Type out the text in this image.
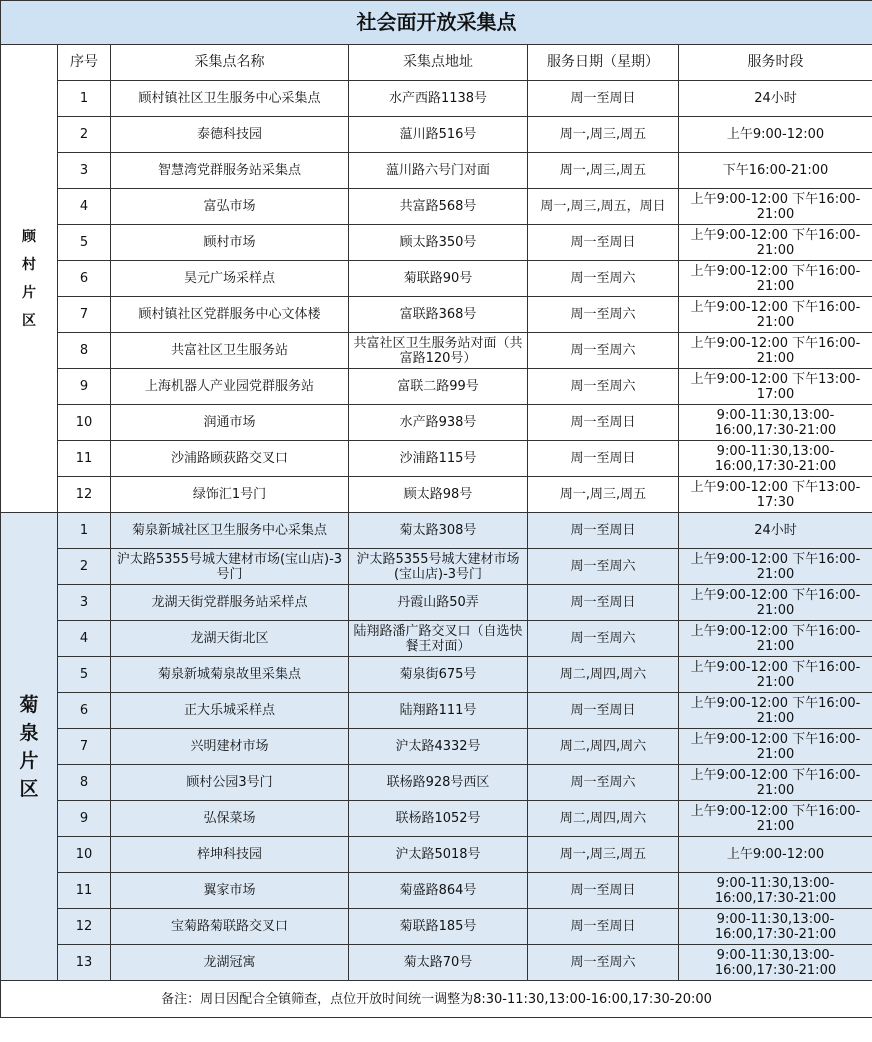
社会面开放采集点					

顾
村
片
区	序号	采集点名称	采集点地址	服务日期（星期）	服务时段
	1	顾村镇社区卫生服务中心采集点	水产西路1138号	周一至周日	24小时
	2	泰德科技园	蕰川路516号	周一,周三,周五	上午9:00-12:00
	3	智慧湾党群服务站采集点	蕰川路六号门对面	周一,周三,周五	下午16:00-21:00
	4	富弘市场	共富路568号	周一,周三,周五，周日	上午9:00-12:00 下午16:00-21:00
	5	顾村市场	顾太路350号	周一至周日	上午9:00-12:00 下午16:00-21:00
	6	昊元广场采样点	菊联路90号	周一至周六	上午9:00-12:00 下午16:00-21:00
	7	顾村镇社区党群服务中心文体楼	富联路368号	周一至周六	上午9:00-12:00 下午16:00-21:00
	8	共富社区卫生服务站	共富社区卫生服务站对面（共富路120号）	周一至周六	上午9:00-12:00 下午16:00-21:00
	9	上海机器人产业园党群服务站	富联二路99号	周一至周六	上午9:00-12:00 下午13:00-17:00
	10	润通市场	水产路938号	周一至周日	9:00-11:30,13:00-16:00,17:30-21:00
	11	沙浦路顾荻路交叉口	沙浦路115号	周一至周日	9:00-11:30,13:00-16:00,17:30-21:00
	12	绿饰汇1号门	顾太路98号	周一,周三,周五	上午9:00-12:00 下午13:00-17:30

菊
泉
片
区	1	菊泉新城社区卫生服务中心采集点	菊太路308号	周一至周日	24小时
	2	沪太路5355号城大建材市场(宝山店)-3号门	沪太路5355号城大建材市场(宝山店)-3号门	周一至周六	上午9:00-12:00 下午16:00-21:00
	3	龙湖天街党群服务站采样点	丹霞山路50弄	周一至周日	上午9:00-12:00 下午16:00-21:00
	4	龙湖天街北区	陆翔路潘广路交叉口（自选快餐王对面）	周一至周六	上午9:00-12:00 下午16:00-21:00
	5	菊泉新城菊泉故里采集点	菊泉街675号	周二,周四,周六	上午9:00-12:00 下午16:00-21:00
	6	正大乐城采样点	陆翔路111号	周一至周日	上午9:00-12:00 下午16:00-21:00
	7	兴明建材市场	沪太路4332号	周二,周四,周六	上午9:00-12:00 下午16:00-21:00
	8	顾村公园3号门	联杨路928号西区	周一至周六	上午9:00-12:00 下午16:00-21:00
	9	弘保菜场	联杨路1052号	周二,周四,周六	上午9:00-12:00 下午16:00-21:00
	10	梓坤科技园	沪太路5018号	周一,周三,周五	上午9:00-12:00
	11	翼家市场	菊盛路864号	周一至周日	9:00-11:30,13:00-16:00,17:30-21:00
	12	宝菊路菊联路交叉口	菊联路185号	周一至周日	9:00-11:30,13:00-16:00,17:30-21:00
	13	龙湖冠寓	菊太路70号	周一至周六	9:00-11:30,13:00-16:00,17:30-21:00
备注：周日因配合全镇筛查，点位开放时间统一调整为8:30-11:30,13:00-16:00,17:30-20:00					
